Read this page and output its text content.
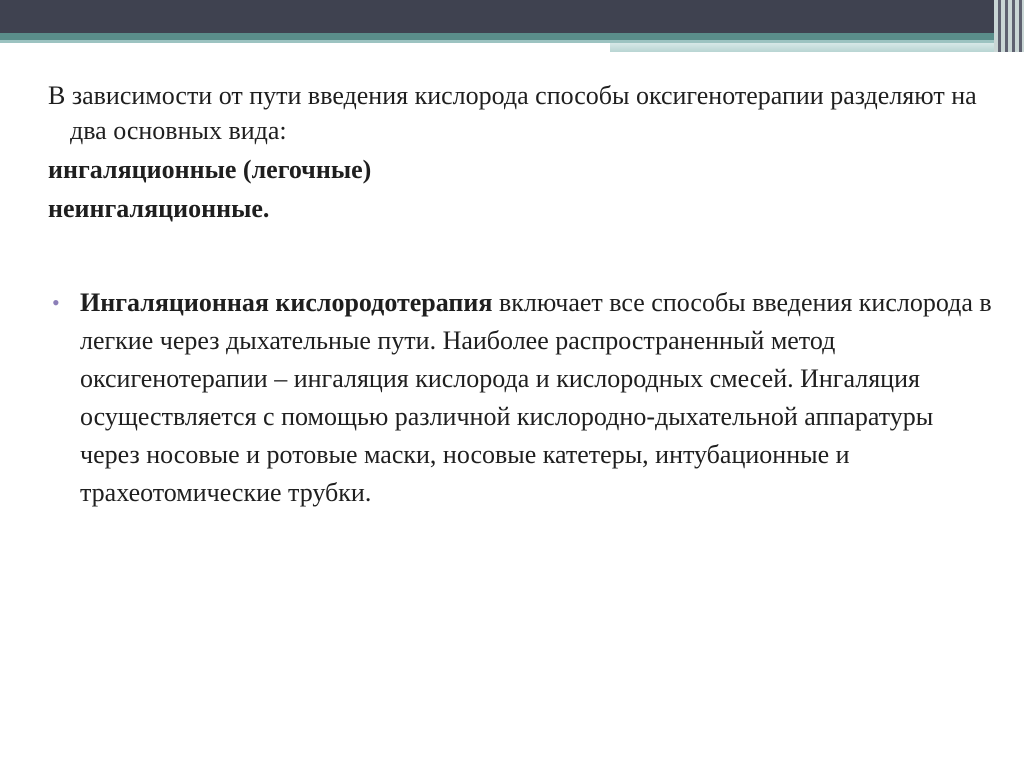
В зависимости от пути введения кислорода способы оксигенотерапии разделяют на два основных вида:

ингаляционные (легочные)

неингаляционные.

• Ингаляционная кислородотерапия включает все способы введения кислорода в легкие через дыхательные пути. Наиболее распространенный метод оксигенотерапии – ингаляция кислорода и кислородных смесей. Ингаляция осуществляется с помощью различной кислородно-дыхательной аппаратуры через носовые и ротовые маски, носовые катетеры, интубационные и трахеотомические трубки.
